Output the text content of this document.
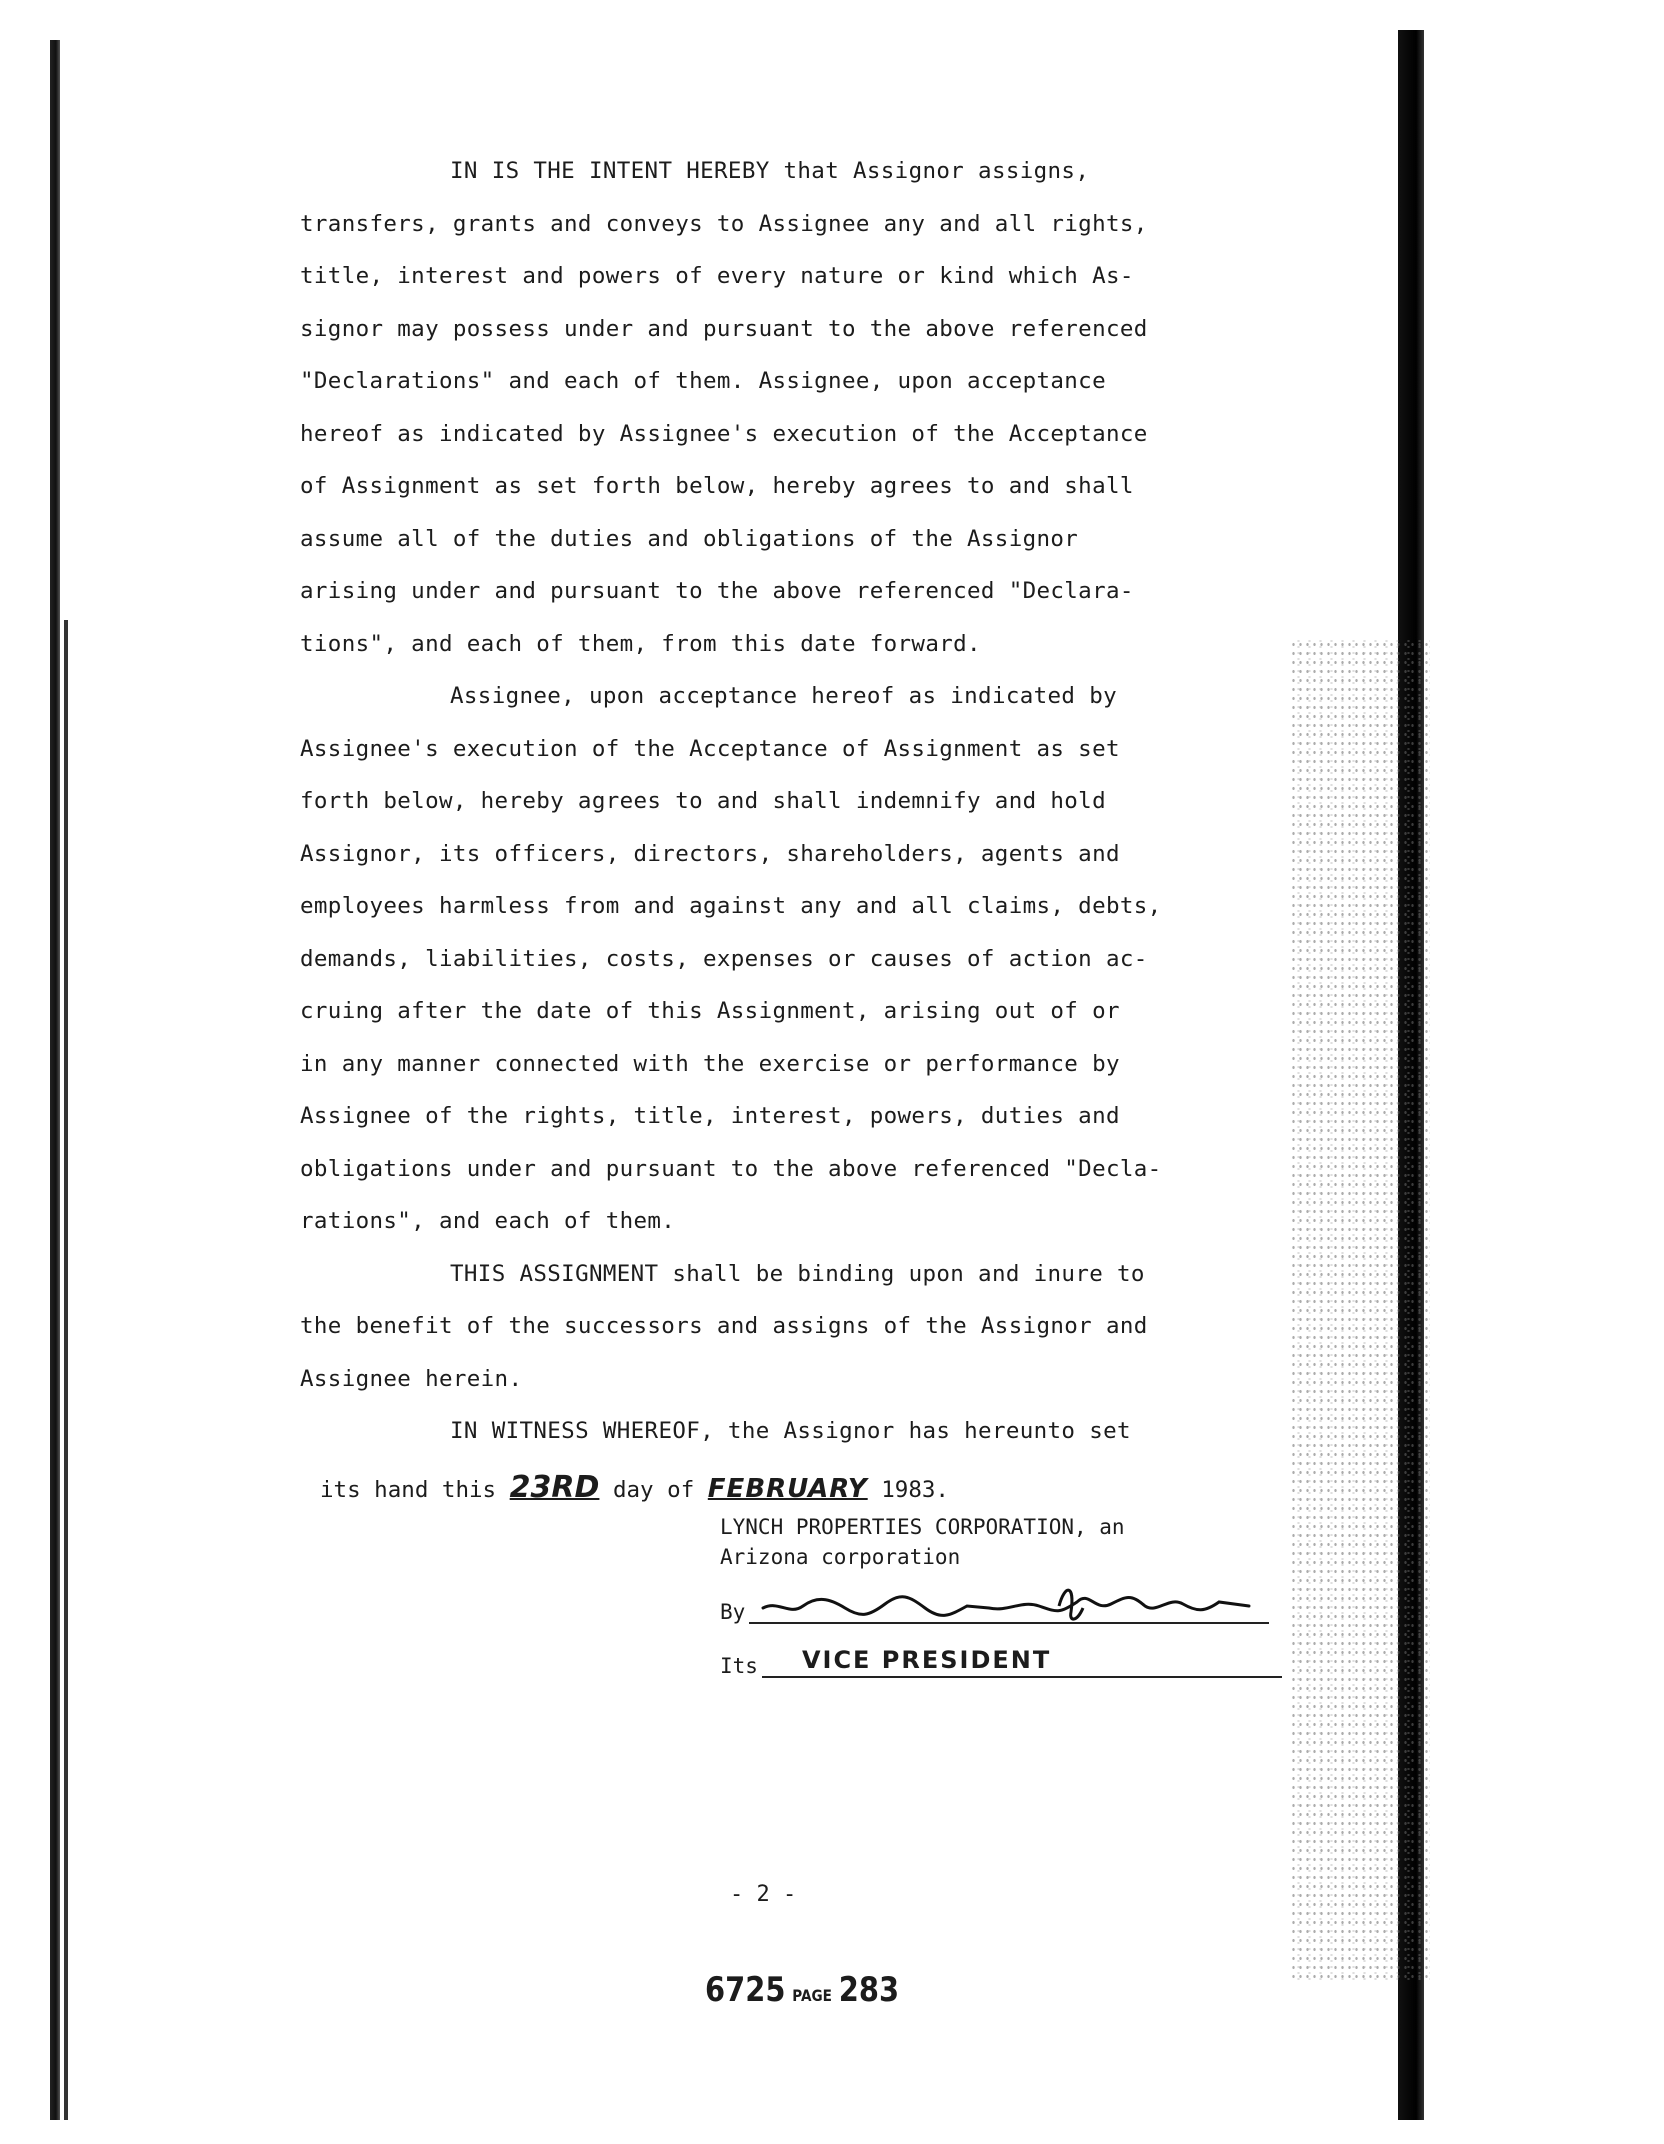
IN IS THE INTENT HEREBY that Assignor assigns,

transfers, grants and conveys to Assignee any and all rights,

title, interest and powers of every nature or kind which As-

signor may possess under and pursuant to the above referenced

"Declarations" and each of them. Assignee, upon acceptance

hereof as indicated by Assignee's execution of the Acceptance

of Assignment as set forth below, hereby agrees to and shall

assume all of the duties and obligations of the Assignor

arising under and pursuant to the above referenced "Declara-

tions", and each of them, from this date forward.

Assignee, upon acceptance hereof as indicated by

Assignee's execution of the Acceptance of Assignment as set

forth below, hereby agrees to and shall indemnify and hold

Assignor, its officers, directors, shareholders, agents and

employees harmless from and against any and all claims, debts,

demands, liabilities, costs, expenses or causes of action ac-

cruing after the date of this Assignment, arising out of or

in any manner connected with the exercise or performance by

Assignee of the rights, title, interest, powers, duties and

obligations under and pursuant to the above referenced "Decla-

rations", and each of them.

THIS ASSIGNMENT shall be binding upon and inure to

the benefit of the successors and assigns of the Assignor and

Assignee herein.

IN WITNESS WHEREOF, the Assignor has hereunto set

its hand this 23RD day of FEBRUARY 1983.

LYNCH PROPERTIES CORPORATION, an

Arizona corporation

By
Its VICE PRESIDENT
- 2 -
6725 PAGE 283
